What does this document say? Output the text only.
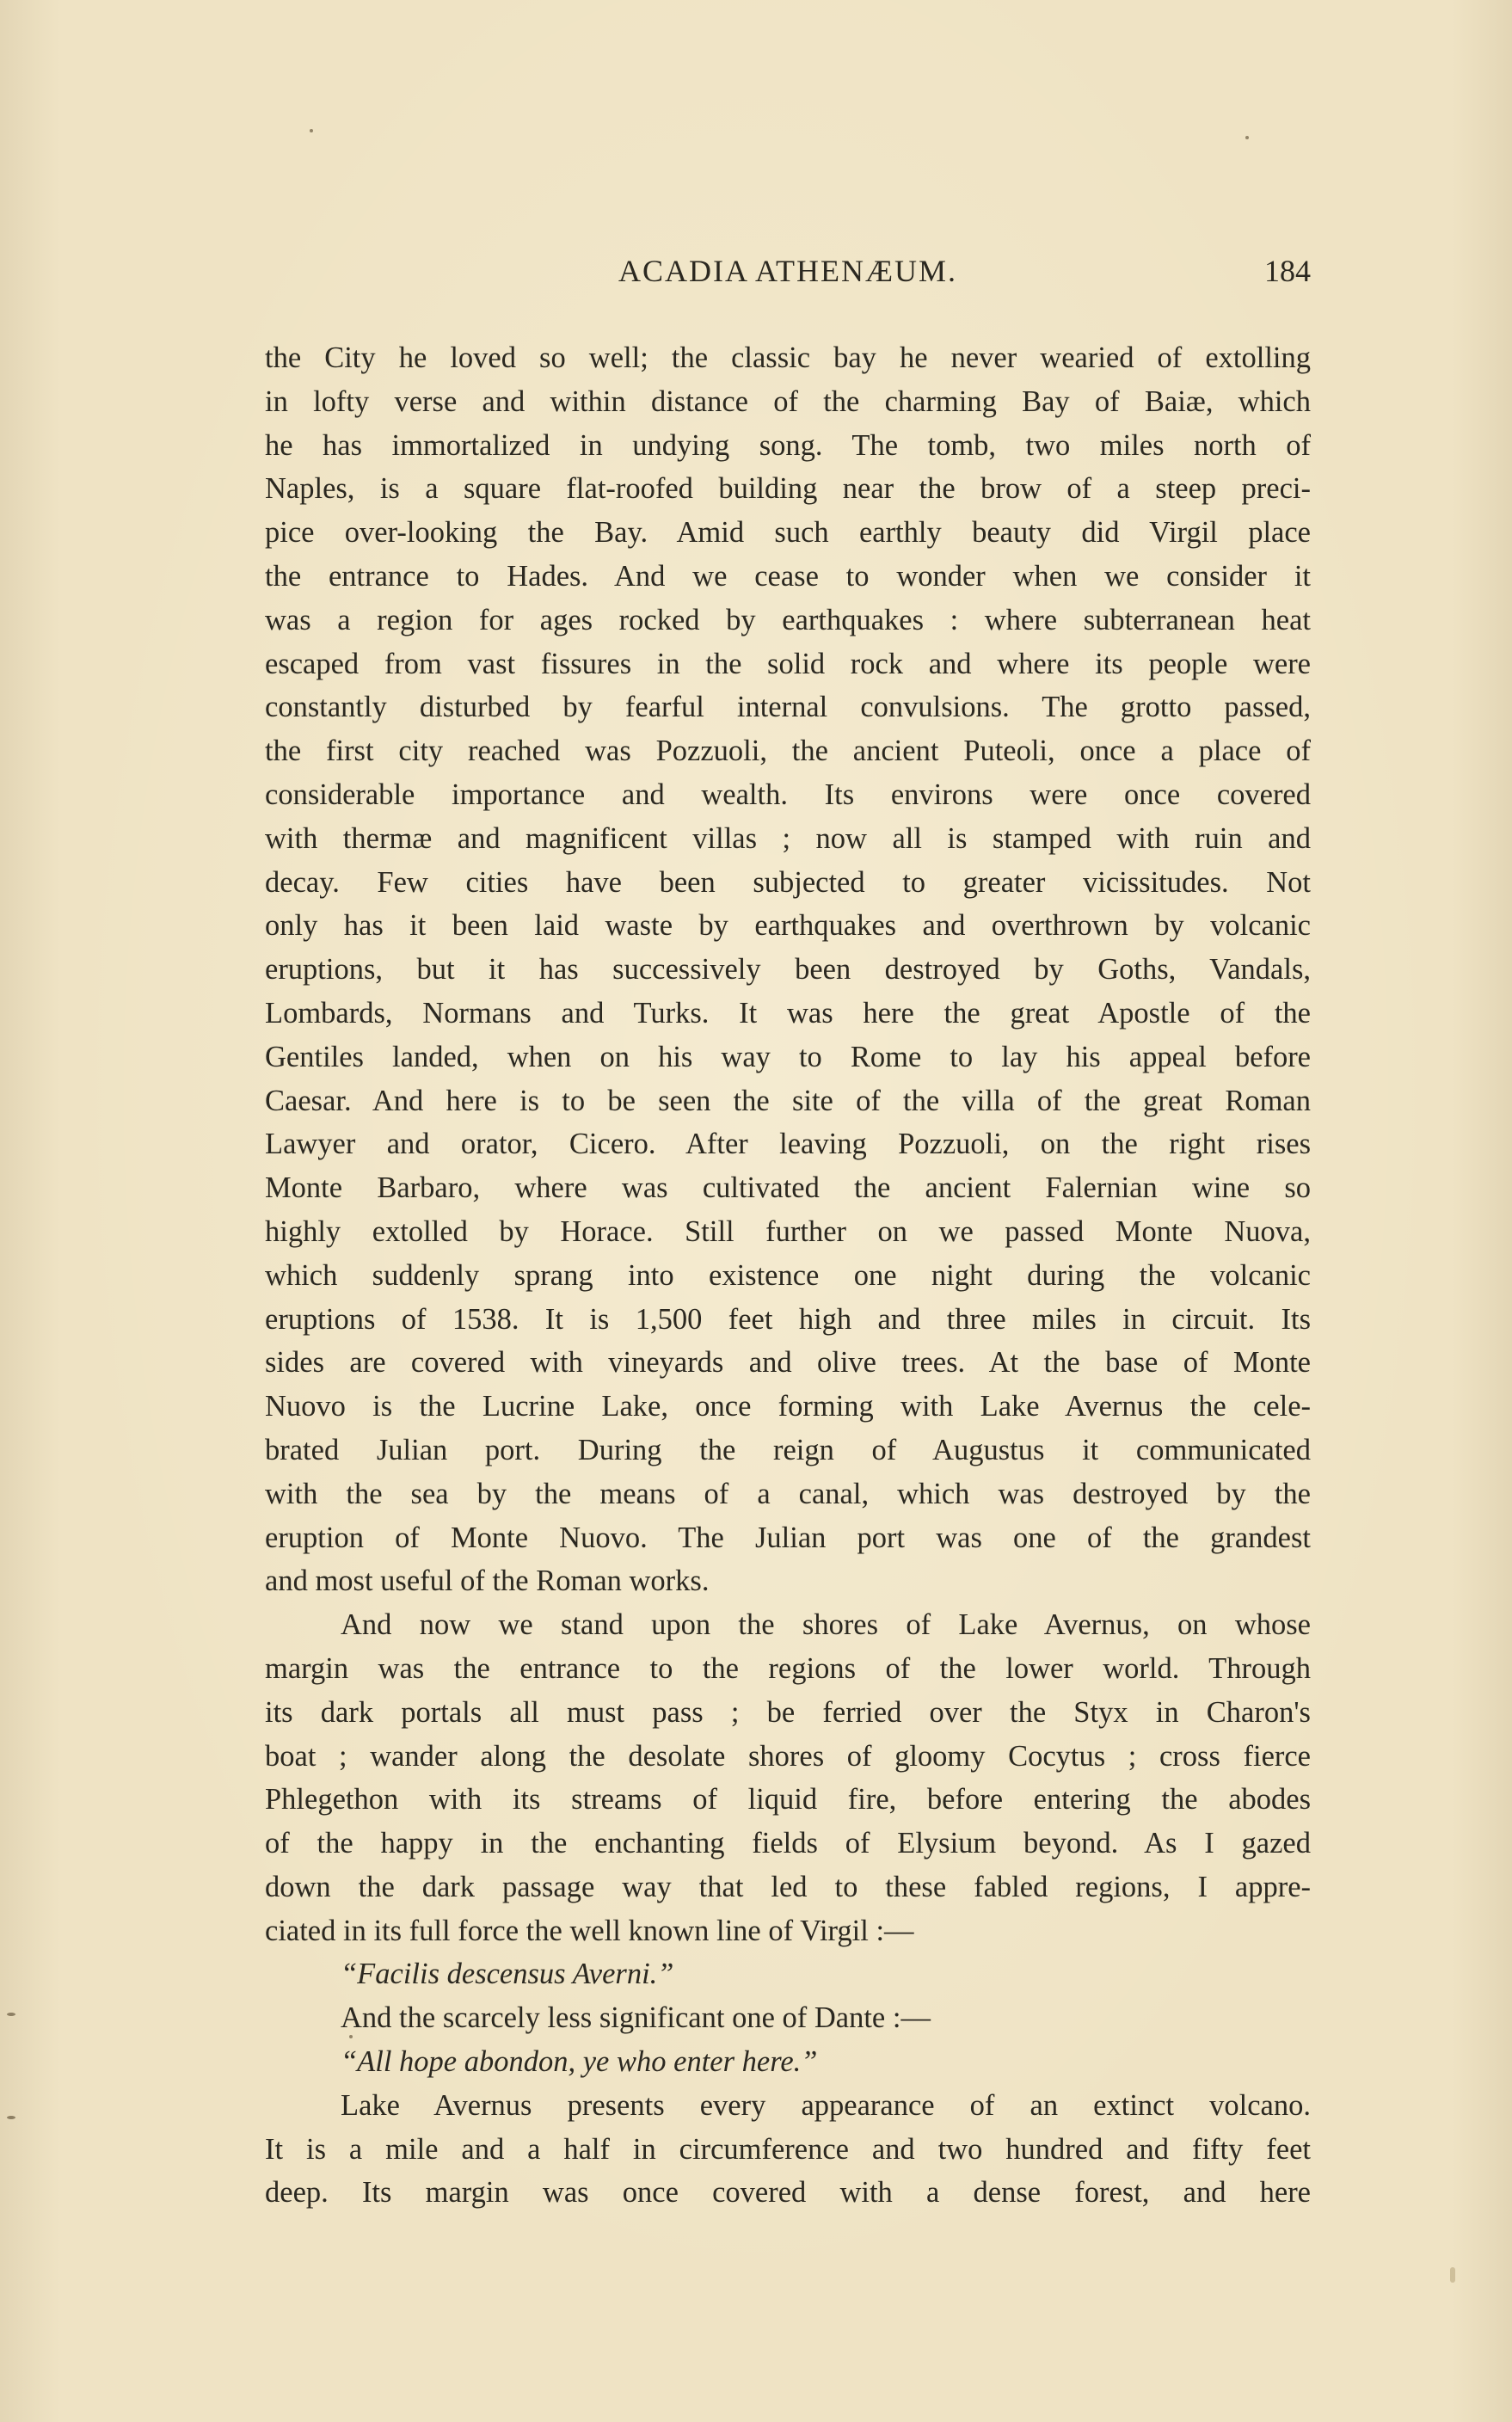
ACADIA ATHENÆUM.	184

the City he loved so well; the classic bay he never wearied of extolling

in lofty verse and within distance of the charming Bay of Baiæ, which

he has immortalized in undying song. The tomb, two miles north of

Naples, is a square flat-roofed building near the brow of a steep preci-

pice over-looking the Bay. Amid such earthly beauty did Virgil place

the entrance to Hades. And we cease to wonder when we consider it

was a region for ages rocked by earthquakes : where subterranean heat

escaped from vast fissures in the solid rock and where its people were

constantly disturbed by fearful internal convulsions. The grotto passed,

the first city reached was Pozzuoli, the ancient Puteoli, once a place of

considerable importance and wealth. Its environs were once covered

with thermæ and magnificent villas ; now all is stamped with ruin and

decay. Few cities have been subjected to greater vicissitudes. Not

only has it been laid waste by earthquakes and overthrown by volcanic

eruptions, but it has successively been destroyed by Goths, Vandals,

Lombards, Normans and Turks. It was here the great Apostle of the

Gentiles landed, when on his way to Rome to lay his appeal before

Caesar. And here is to be seen the site of the villa of the great Roman

Lawyer and orator, Cicero. After leaving Pozzuoli, on the right rises

Monte Barbaro, where was cultivated the ancient Falernian wine so

highly extolled by Horace. Still further on we passed Monte Nuova,

which suddenly sprang into existence one night during the volcanic

eruptions of 1538. It is 1,500 feet high and three miles in circuit. Its

sides are covered with vineyards and olive trees. At the base of Monte

Nuovo is the Lucrine Lake, once forming with Lake Avernus the cele-

brated Julian port. During the reign of Augustus it communicated

with the sea by the means of a canal, which was destroyed by the

eruption of Monte Nuovo. The Julian port was one of the grandest

and most useful of the Roman works.

And now we stand upon the shores of Lake Avernus, on whose

margin was the entrance to the regions of the lower world. Through

its dark portals all must pass ; be ferried over the Styx in Charon's

boat ; wander along the desolate shores of gloomy Cocytus ; cross fierce

Phlegethon with its streams of liquid fire, before entering the abodes

of the happy in the enchanting fields of Elysium beyond. As I gazed

down the dark passage way that led to these fabled regions, I appre-

ciated in its full force the well known line of Virgil :—

“Facilis descensus Averni.”

And the scarcely less significant one of Dante :—

“All hope abondon, ye who enter here.”

Lake Avernus presents every appearance of an extinct volcano.

It is a mile and a half in circumference and two hundred and fifty feet

deep. Its margin was once covered with a dense forest, and here
